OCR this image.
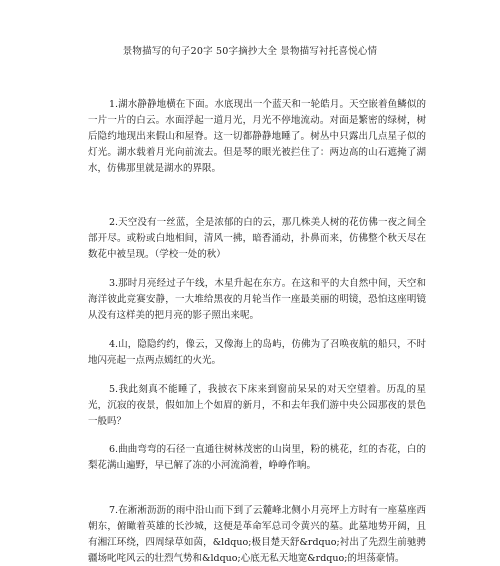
景物描写的句子20字 50字摘抄大全 景物描写衬托喜悦心情

1.湖水静静地横在下面。水底现出一个蓝天和一轮皓月。天空嵌着鱼鳞似的一片一片的白云。水面浮起一道月光，月光不停地流动。对面是繁密的绿树，树后隐约地现出来假山和屋脊。这一切都静静地睡了。树丛中只露出几点星子似的灯光。湖水载着月光向前流去。但是琴的眼光被拦住了：两边高的山石遮掩了湖水，仿佛那里就是湖水的界限。

2.天空没有一丝蓝，全是浓郁的白的云，那几株美人树的花仿佛一夜之间全部开尽。或粉或白地相间，清风一拂，暗香涌动，扑鼻而来，仿佛整个秋天尽在数花中被呈现。（学校一处的秋）

3.那时月亮经过子午线，木星升起在东方。在这和平的大自然中间，天空和海洋彼此竞赛安静，一大堆给黑夜的月轮当作一座最美丽的明镜，恐怕这座明镜从没有这样美的把月亮的影子照出来呢。

4.山，隐隐约约，像云，又像海上的岛屿，仿佛为了召唤夜航的船只，不时地闪亮起一点两点嫣红的火光。

5.我此刻真不能睡了，我披衣下床来到窗前呆呆的对天空望着。历乱的星光，沉寂的夜景，假如加上个如眉的新月，不和去年我们游中央公园那夜的景色一般吗？

6.曲曲弯弯的石径一直通往树林茂密的山岗里，粉的桃花，红的杏花，白的梨花满山遍野，早已解了冻的小河流淌着，峥峥作响。

7.在淅淅沥沥的雨中沿山而下到了云麓峰北侧小月亮坪上方时有一座墓座西朝东，俯瞰着英雄的长沙城，这便是革命军总司令黄兴的墓。此墓地势开阔，且有湘江环绕，四周绿草如茵，&ldquo;极目楚天舒&rdquo;衬出了先烈生前驰骋疆场叱咤风云的壮烈气势和&ldquo;心底无私天地宽&rdquo;的坦荡豪情。
